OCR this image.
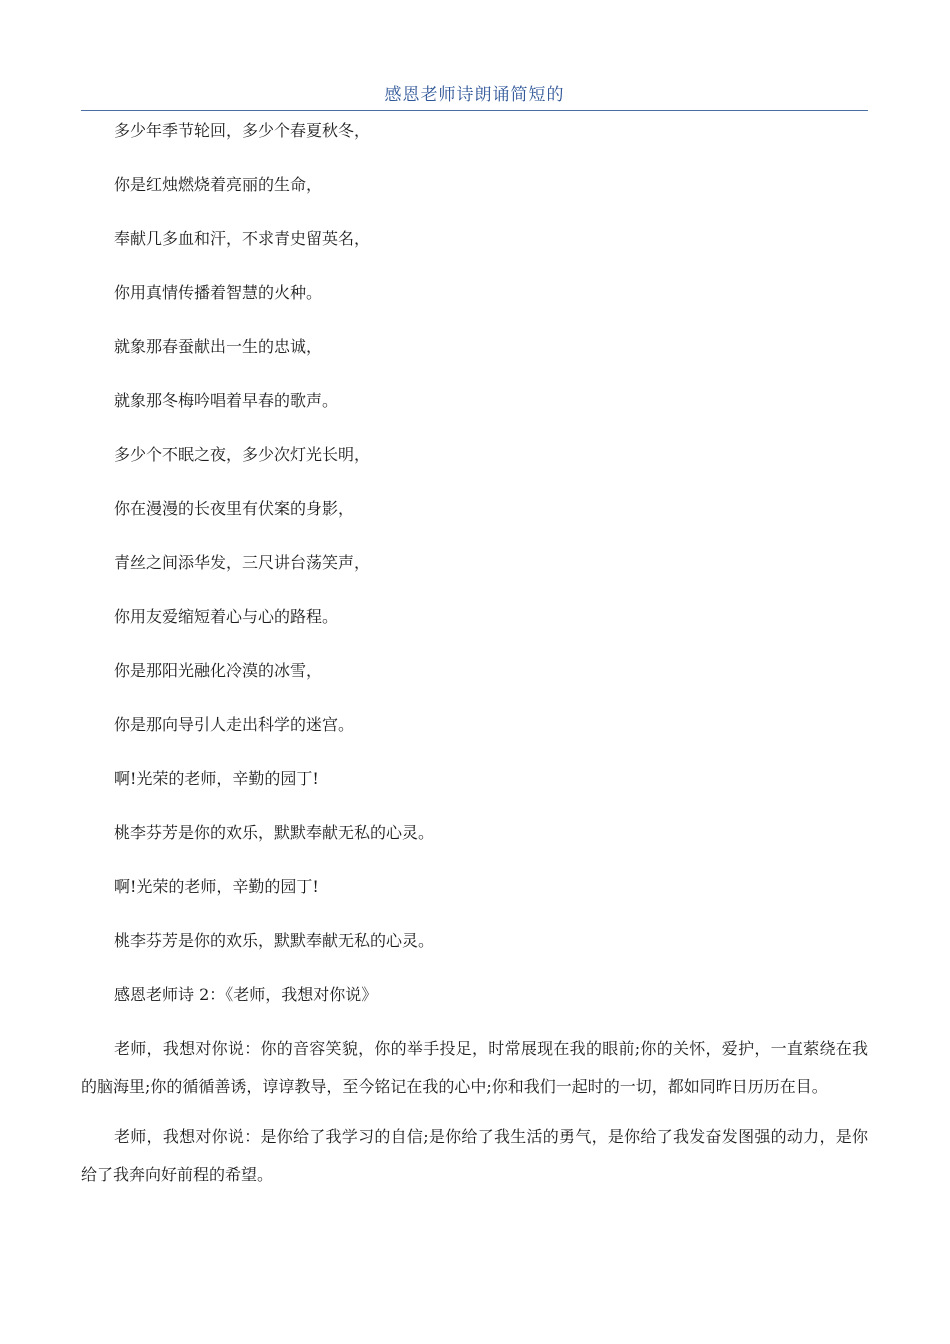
感恩老师诗朗诵简短的
多少年季节轮回，多少个春夏秋冬，
你是红烛燃烧着亮丽的生命，
奉献几多血和汗，不求青史留英名，
你用真情传播着智慧的火种。
就象那春蚕献出一生的忠诚，
就象那冬梅吟唱着早春的歌声。
多少个不眠之夜，多少次灯光长明，
你在漫漫的长夜里有伏案的身影，
青丝之间添华发，三尺讲台荡笑声，
你用友爱缩短着心与心的路程。
你是那阳光融化冷漠的冰雪，
你是那向导引人走出科学的迷宫。
啊!光荣的老师，辛勤的园丁!
桃李芬芳是你的欢乐，默默奉献无私的心灵。
啊!光荣的老师，辛勤的园丁!
桃李芬芳是你的欢乐，默默奉献无私的心灵。
感恩老师诗 2：《老师，我想对你说》

老师，我想对你说：你的音容笑貌，你的举手投足，时常展现在我的眼前;你的关怀，爱护，一直萦绕在我的脑海里;你的循循善诱，谆谆教导，至今铭记在我的心中;你和我们一起时的一切，都如同昨日历历在目。

老师，我想对你说：是你给了我学习的自信;是你给了我生活的勇气，是你给了我发奋发图强的动力，是你给了我奔向好前程的希望。
